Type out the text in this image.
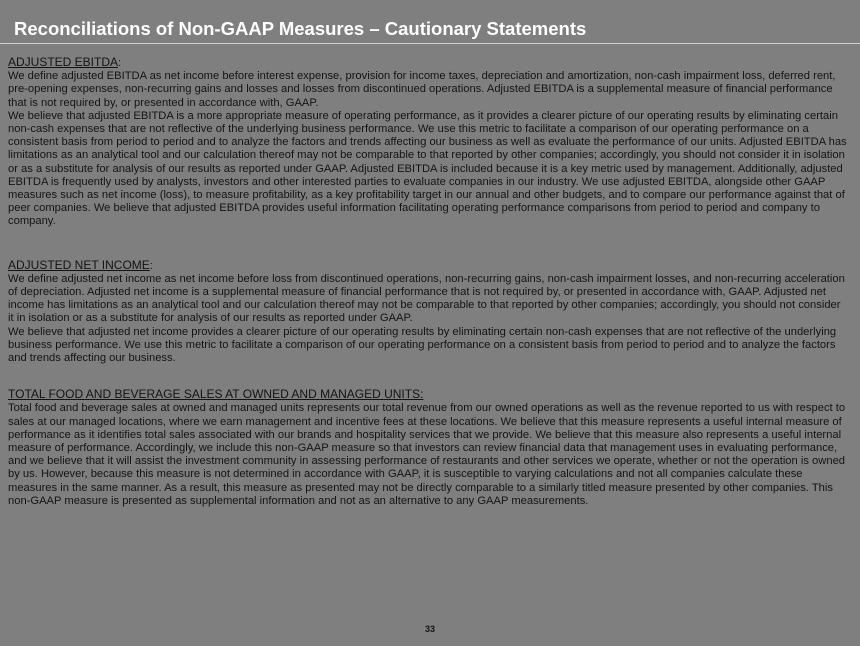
Reconciliations of Non-GAAP Measures – Cautionary Statements
ADJUSTED EBITDA:

We define adjusted EBITDA as net income before interest expense, provision for income taxes, depreciation and amortization, non-cash impairment loss, deferred rent, pre-opening expenses, non-recurring gains and losses and losses from discontinued operations. Adjusted EBITDA is a supplemental measure of financial performance that is not required by, or presented in accordance with, GAAP.

We believe that adjusted EBITDA is a more appropriate measure of operating performance, as it provides a clearer picture of our operating results by eliminating certain non-cash expenses that are not reflective of the underlying business performance. We use this metric to facilitate a comparison of our operating performance on a consistent basis from period to period and to analyze the factors and trends affecting our business as well as evaluate the performance of our units. Adjusted EBITDA has limitations as an analytical tool and our calculation thereof may not be comparable to that reported by other companies; accordingly, you should not consider it in isolation or as a substitute for analysis of our results as reported under GAAP. Adjusted EBITDA is included because it is a key metric used by management. Additionally, adjusted EBITDA is frequently used by analysts, investors and other interested parties to evaluate companies in our industry. We use adjusted EBITDA, alongside other GAAP measures such as net income (loss), to measure profitability, as a key profitability target in our annual and other budgets, and to compare our performance against that of peer companies. We believe that adjusted EBITDA provides useful information facilitating operating performance comparisons from period to period and company to company.

ADJUSTED NET INCOME:

We define adjusted net income as net income before loss from discontinued operations, non-recurring gains, non-cash impairment losses, and non-recurring acceleration of depreciation. Adjusted net income is a supplemental measure of financial performance that is not required by, or presented in accordance with, GAAP. Adjusted net income has limitations as an analytical tool and our calculation thereof may not be comparable to that reported by other companies; accordingly, you should not consider it in isolation or as a substitute for analysis of our results as reported under GAAP.

We believe that adjusted net income provides a clearer picture of our operating results by eliminating certain non-cash expenses that are not reflective of the underlying business performance. We use this metric to facilitate a comparison of our operating performance on a consistent basis from period to period and to analyze the factors and trends affecting our business.

TOTAL FOOD AND BEVERAGE SALES AT OWNED AND MANAGED UNITS:

Total food and beverage sales at owned and managed units represents our total revenue from our owned operations as well as the revenue reported to us with respect to sales at our managed locations, where we earn management and incentive fees at these locations. We believe that this measure represents a useful internal measure of performance as it identifies total sales associated with our brands and hospitality services that we provide. We believe that this measure also represents a useful internal measure of performance. Accordingly, we include this non-GAAP measure so that investors can review financial data that management uses in evaluating performance, and we believe that it will assist the investment community in assessing performance of restaurants and other services we operate, whether or not the operation is owned by us. However, because this measure is not determined in accordance with GAAP, it is susceptible to varying calculations and not all companies calculate these measures in the same manner. As a result, this measure as presented may not be directly comparable to a similarly titled measure presented by other companies. This non-GAAP measure is presented as supplemental information and not as an alternative to any GAAP measurements.

33
